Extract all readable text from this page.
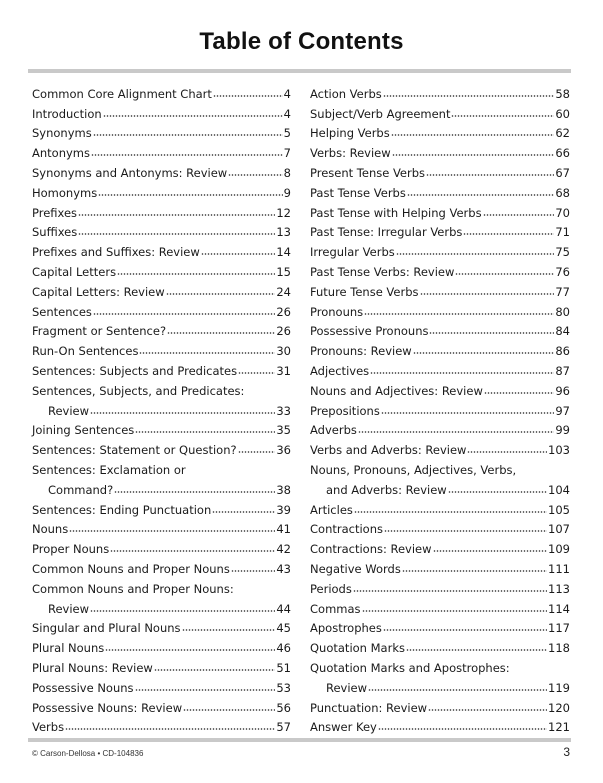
Table of Contents
Common Core Alignment Chart	4
Introduction	4
Synonyms	5
Antonyms	7
Synonyms and Antonyms: Review	8
Homonyms	9
Prefixes	12
Suffixes	13
Prefixes and Suffixes: Review	14
Capital Letters	15
Capital Letters: Review	24
Sentences	26
Fragment or Sentence?	26
Run-On Sentences	30
Sentences: Subjects and Predicates	31
Sentences, Subjects, and Predicates:
Review	33
Joining Sentences	35
Sentences: Statement or Question?	36
Sentences: Exclamation or
Command?	38
Sentences: Ending Punctuation	39
Nouns	41
Proper Nouns	42
Common Nouns and Proper Nouns	43
Common Nouns and Proper Nouns:
Review	44
Singular and Plural Nouns	45
Plural Nouns	46
Plural Nouns: Review	51
Possessive Nouns	53
Possessive Nouns: Review	56
Verbs	57
Action Verbs	58
Subject/Verb Agreement	60
Helping Verbs	62
Verbs: Review	66
Present Tense Verbs	67
Past Tense Verbs	68
Past Tense with Helping Verbs	70
Past Tense: Irregular Verbs	71
Irregular Verbs	75
Past Tense Verbs: Review	76
Future Tense Verbs	77
Pronouns	80
Possessive Pronouns	84
Pronouns: Review	86
Adjectives	87
Nouns and Adjectives: Review	96
Prepositions	97
Adverbs	99
Verbs and Adverbs: Review	103
Nouns, Pronouns, Adjectives, Verbs,
and Adverbs: Review	104
Articles	105
Contractions	107
Contractions: Review	109
Negative Words	111
Periods	113
Commas	114
Apostrophes	117
Quotation Marks	118
Quotation Marks and Apostrophes:
Review	119
Punctuation: Review	120
Answer Key	121
© Carson-Dellosa • CD-104836	3
